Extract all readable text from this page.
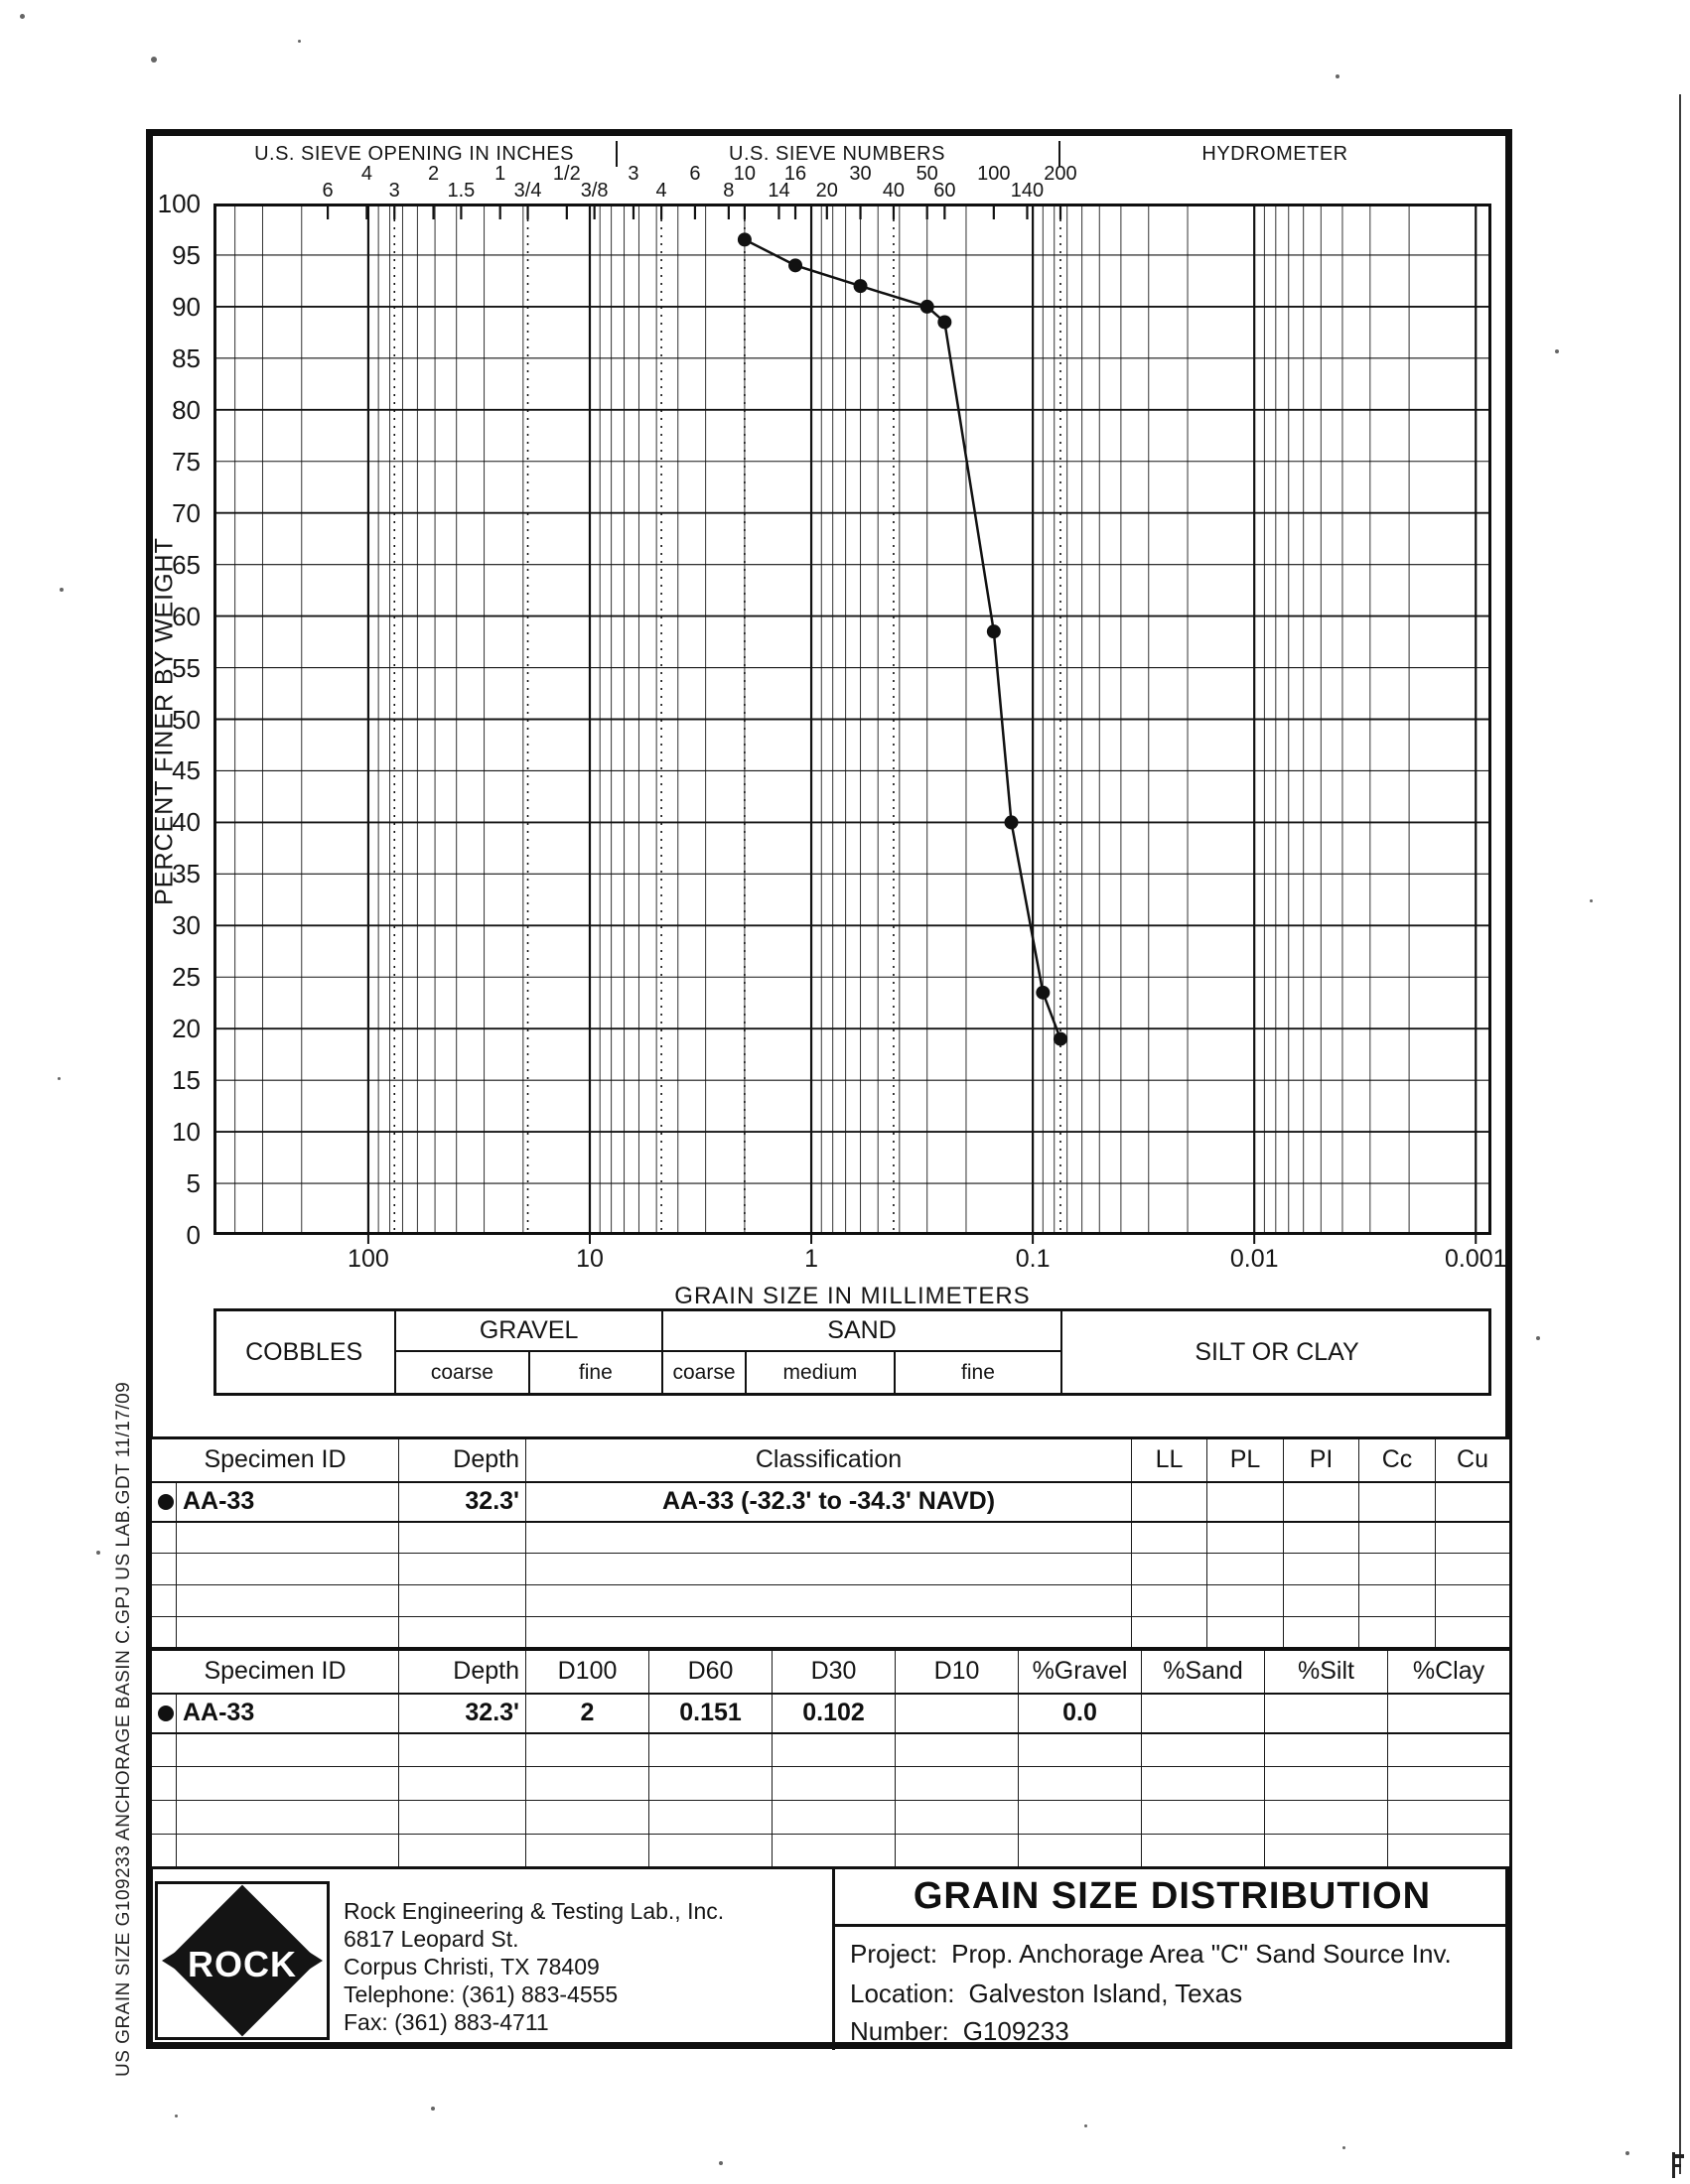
US GRAIN SIZE G109233 ANCHORAGE BASIN C.GPJ US LAB.GDT 11/17/09
U.S. SIEVE OPENING IN INCHES	U.S. SIEVE NUMBERS	HYDROMETER
6
4
3
2
1.5
1
3/4
1/2
3/8
3
4
6
8
10
14
16
20
30
40
50
60
100
140
200
PERCENT FINER BY WEIGHT
100
95
90
85
80
75
70
65
60
55
50
45
40
35
30
25
20
15
10
5
0
100	10	1	0.1	0.01	0.001
GRAIN SIZE IN MILLIMETERS
COBBLES
GRAVEL
coarse	fine
SAND
coarse	medium	fine
SILT OR CLAY
Specimen ID		Depth	Classification	LL	PL	PI	Cc	Cu
	AA-33	32.3'	AA-33 (-32.3' to -34.3' NAVD)					

Specimen ID		Depth	D100	D60	D30	D10	%Gravel	%Sand	%Silt	%Clay
	AA-33	32.3'	2	0.151	0.102		0.0			

ROCK
Rock Engineering & Testing Lab., Inc.
6817 Leopard St.
Corpus Christi, TX 78409
Telephone: (361) 883-4555
Fax: (361) 883-4711
GRAIN SIZE DISTRIBUTION
Project: Prop. Anchorage Area "C" Sand Source Inv.
Location: Galveston Island, Texas
Number: G109233
